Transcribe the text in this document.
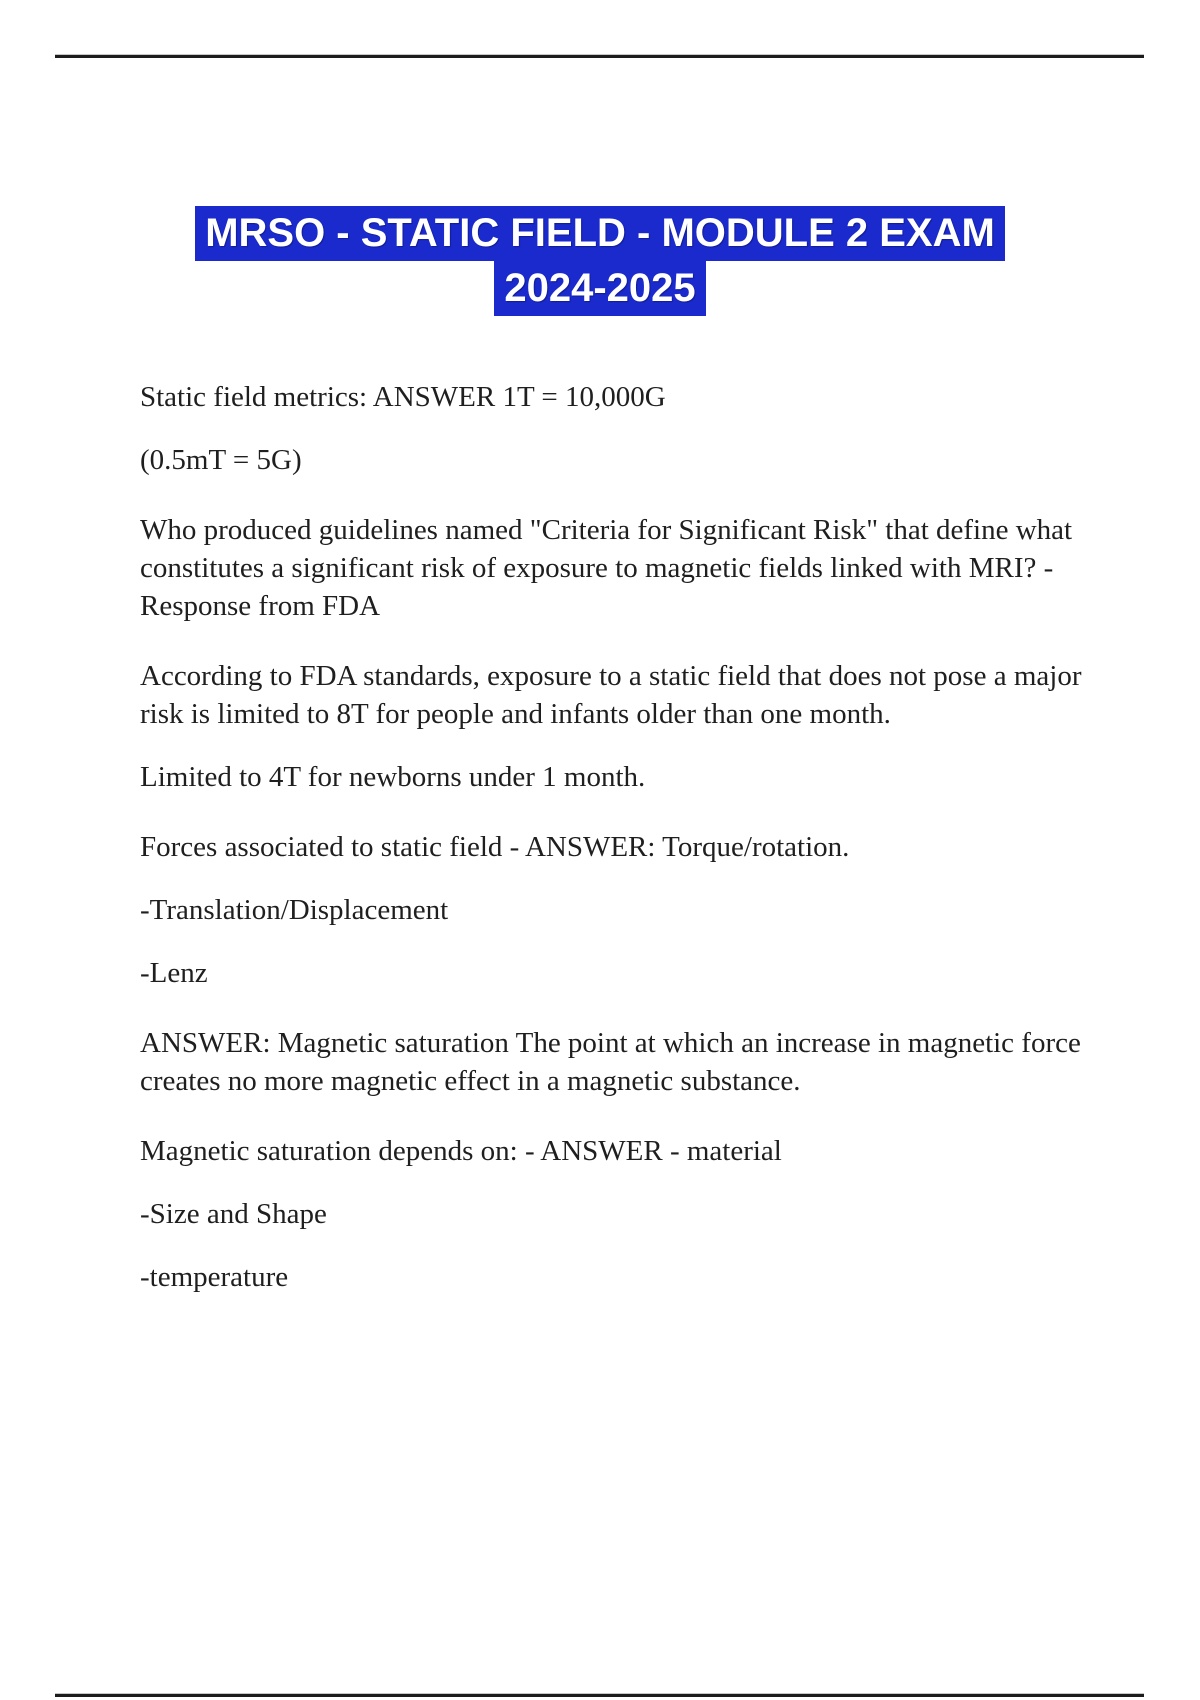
MRSO - STATIC FIELD - MODULE 2 EXAM
2024-2025

Static field metrics: ANSWER 1T = 10,000G

(0.5mT = 5G)

Who produced guidelines named "Criteria for Significant Risk" that define what constitutes a significant risk of exposure to magnetic fields linked with MRI? - Response from FDA

According to FDA standards, exposure to a static field that does not pose a major risk is limited to 8T for people and infants older than one month.

Limited to 4T for newborns under 1 month.

Forces associated to static field - ANSWER: Torque/rotation.

-Translation/Displacement

-Lenz

ANSWER: Magnetic saturation The point at which an increase in magnetic force creates no more magnetic effect in a magnetic substance.

Magnetic saturation depends on: - ANSWER - material

-Size and Shape

-temperature
